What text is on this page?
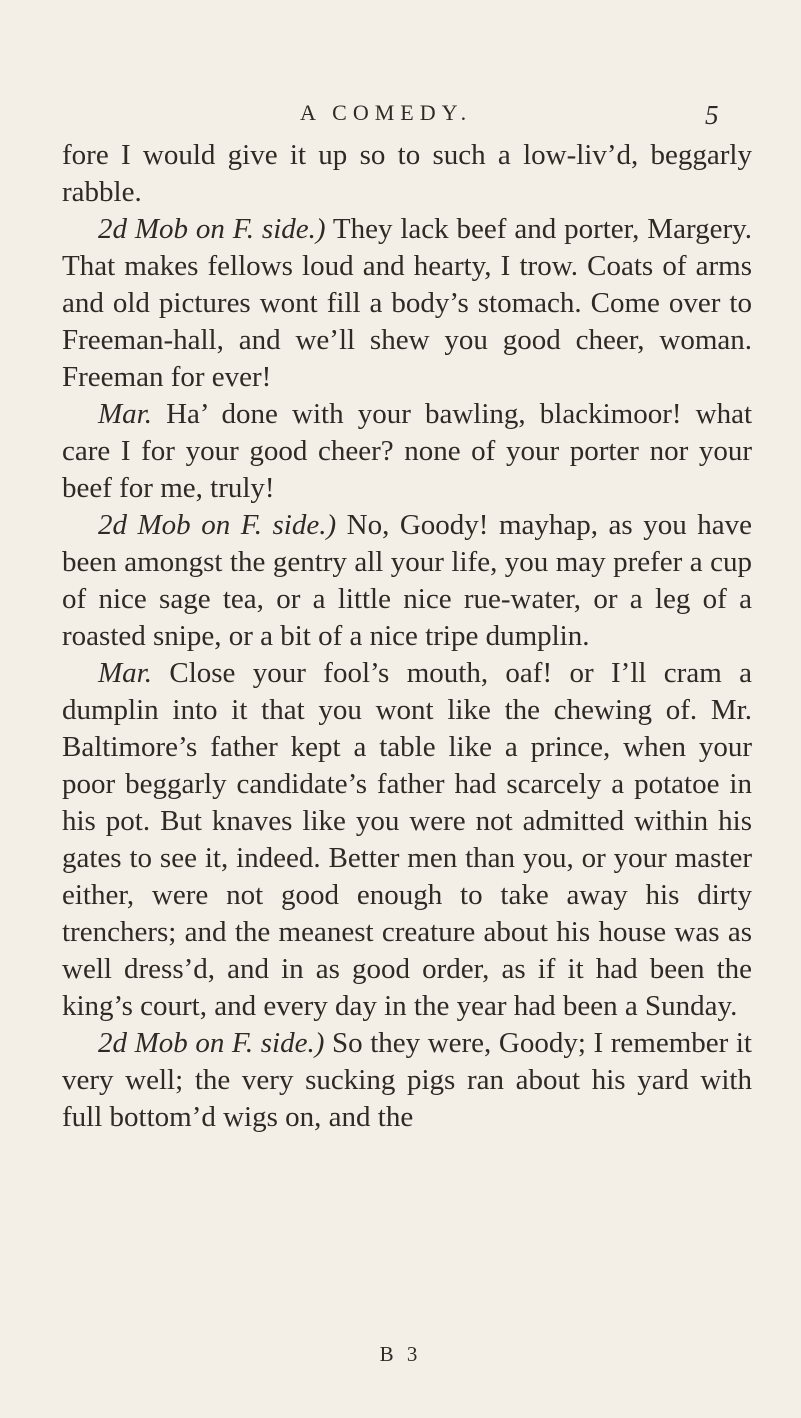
A COMEDY.	5

fore I would give it up so to such a low-liv’d, beggarly rabble.

2d Mob on F. side.) They lack beef and porter, Margery. That makes fellows loud and hearty, I trow. Coats of arms and old pictures wont fill a body’s stomach. Come over to Freeman-hall, and we’ll shew you good cheer, woman. Freeman for ever!

Mar. Ha’ done with your bawling, blackimoor! what care I for your good cheer? none of your porter nor your beef for me, truly!

2d Mob on F. side.) No, Goody! mayhap, as you have been amongst the gentry all your life, you may prefer a cup of nice sage tea, or a little nice rue-water, or a leg of a roasted snipe, or a bit of a nice tripe dumplin.

Mar. Close your fool’s mouth, oaf! or I’ll cram a dumplin into it that you wont like the chewing of. Mr. Baltimore’s father kept a table like a prince, when your poor beggarly candidate’s father had scarcely a potatoe in his pot. But knaves like you were not admitted within his gates to see it, indeed. Better men than you, or your master either, were not good enough to take away his dirty trenchers; and the meanest creature about his house was as well dress’d, and in as good order, as if it had been the king’s court, and every day in the year had been a Sunday.

2d Mob on F. side.) So they were, Goody; I remember it very well; the very sucking pigs ran about his yard with full bottom’d wigs on, and the

B 3
